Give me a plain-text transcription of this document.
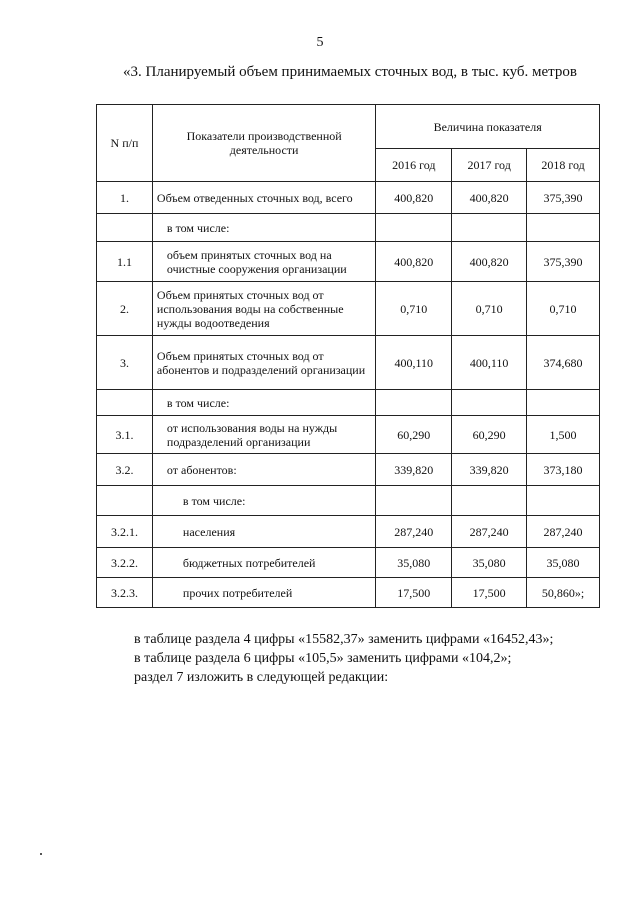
5
«3. Планируемый объем принимаемых сточных вод, в тыс. куб. метров
N п/п	Показатели производственной деятельности	Величина показателя		
		2016 год	2017 год	2018 год
1.	Объем отведенных сточных вод, всего	400,820	400,820	375,390
	в том числе:			
1.1	объем принятых сточных вод на очистные сооружения организации	400,820	400,820	375,390
2.	Объем принятых сточных вод от использования воды на собственные нужды водоотведения	0,710	0,710	0,710
3.	Объем принятых сточных вод от абонентов и подразделений организации	400,110	400,110	374,680
	в том числе:			
3.1.	от использования воды на нужды подразделений организации	60,290	60,290	1,500
3.2.	от абонентов:	339,820	339,820	373,180
	в том числе:			
3.2.1.	населения	287,240	287,240	287,240
3.2.2.	бюджетных потребителей	35,080	35,080	35,080
3.2.3.	прочих потребителей	17,500	17,500	50,860»;
в таблице раздела 4 цифры «15582,37» заменить цифрами «16452,43»;
в таблице раздела 6 цифры «105,5» заменить цифрами «104,2»;
раздел 7 изложить в следующей редакции:
